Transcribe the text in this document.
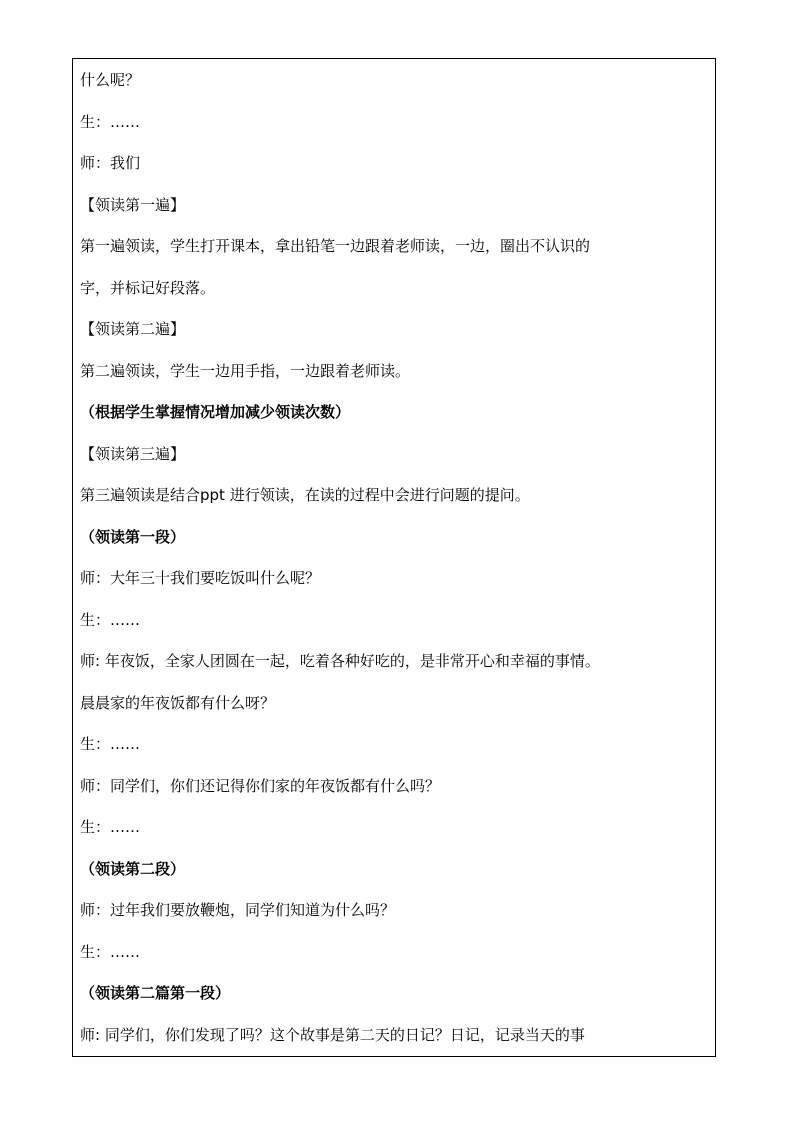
什么呢？
生：……
师：我们
【领读第一遍】
第一遍领读，学生打开课本，拿出铅笔一边跟着老师读，一边，圈出不认识的
字，并标记好段落。
【领读第二遍】
第二遍领读，学生一边用手指，一边跟着老师读。
（根据学生掌握情况增加减少领读次数）
【领读第三遍】
第三遍领读是结合ppt 进行领读，在读的过程中会进行问题的提问。
（领读第一段）
师：大年三十我们要吃饭叫什么呢？
生：……
师: 年夜饭，全家人团圆在一起，吃着各种好吃的，是非常开心和幸福的事情。
晨晨家的年夜饭都有什么呀？
生：……
师：同学们，你们还记得你们家的年夜饭都有什么吗？
生：……
（领读第二段）
师：过年我们要放鞭炮，同学们知道为什么吗？
生：……
（领读第二篇第一段）
师: 同学们，你们发现了吗？这个故事是第二天的日记？日记，记录当天的事
